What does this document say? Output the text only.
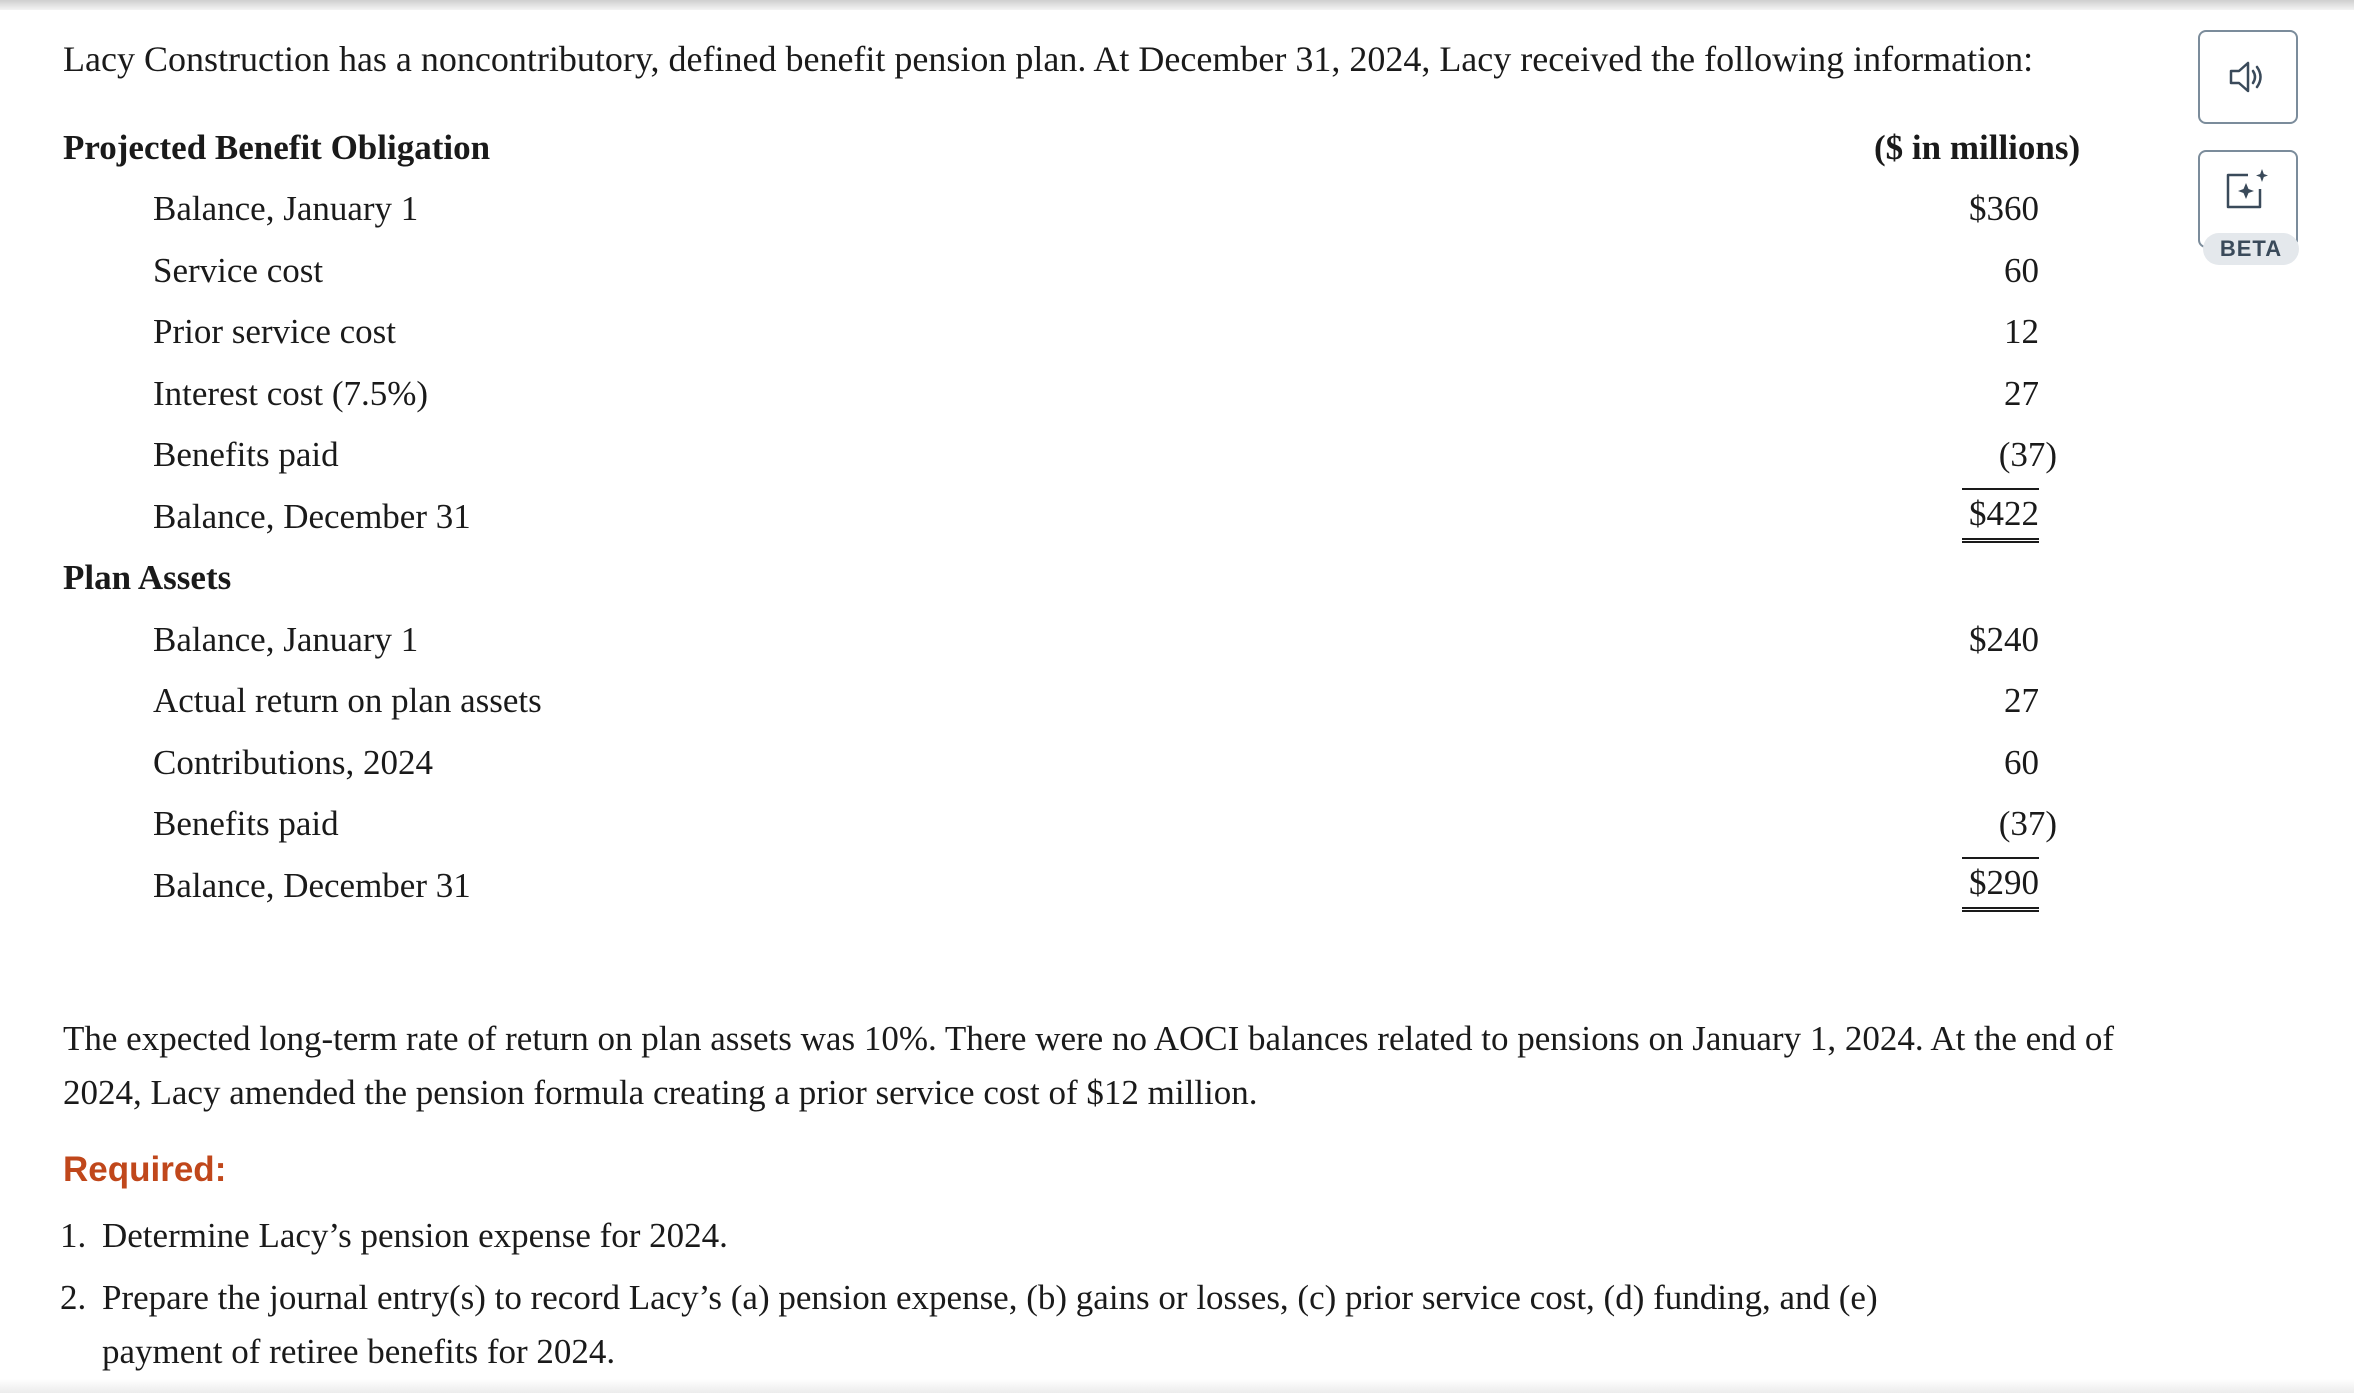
Lacy Construction has a noncontributory, defined benefit pension plan. At December 31, 2024, Lacy received the following information:
Projected Benefit Obligation	($ in millions)
Balance, January 1	$360
Service cost	60
Prior service cost	12
Interest cost (7.5%)	27
Benefits paid	(37)
Balance, December 31	$422
Plan Assets
Balance, January 1	$240
Actual return on plan assets	27
Contributions, 2024	60
Benefits paid	(37)
Balance, December 31	$290
The expected long-term rate of return on plan assets was 10%. There were no AOCI balances related to pensions on January 1, 2024. At the end of 2024, Lacy amended the pension formula creating a prior service cost of $12 million.
Required:
1. Determine Lacy’s pension expense for 2024.
2. Prepare the journal entry(s) to record Lacy’s (a) pension expense, (b) gains or losses, (c) prior service cost, (d) funding, and (e)
payment of retiree benefits for 2024.
BETA
